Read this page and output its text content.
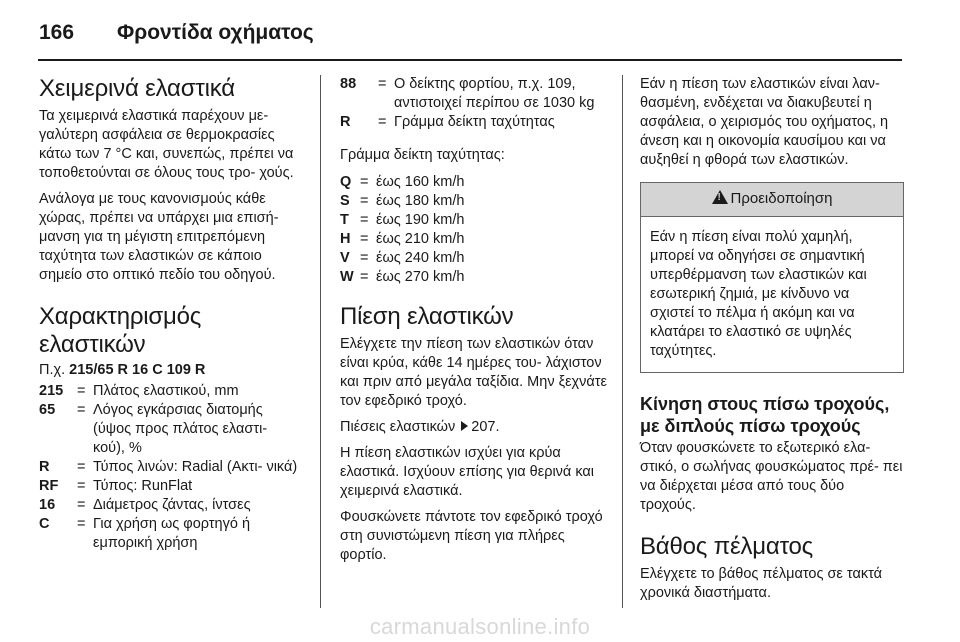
166 Φροντίδα οχήματος
Χειμερινά ελαστικά

Τα χειμερινά ελαστικά παρέχουν με- γαλύτερη ασφάλεια σε θερμοκρασίες κάτω των 7 °C και, συνεπώς, πρέπει να τοποθετούνται σε όλους τους τρο- χούς.

Ανάλογα με τους κανονισμούς κάθε χώρας, πρέπει να υπάρχει μια επισή- μανση για τη μέγιστη επιτρεπόμενη ταχύτητα των ελαστικών σε κάποιο σημείο στο οπτικό πεδίο του οδηγού.

Χαρακτηρισμός ελαστικών
Π.χ. 215/65 R 16 C 109 R
215 = Πλάτος ελαστικού, mm
65	= Λόγος εγκάρσιας διατομής (ύψος προς πλάτος ελαστι- κού), %
R	= Τύπος λινών: Radial (Ακτι- νικά)
RF	= Τύπος: RunFlat
16	= Διάμετρος ζάντας, ίντσες
C	= Για χρήση ως φορτηγό ή εμπορική χρήση
88	= Ο δείκτης φορτίου, π.χ. 109, αντιστοιχεί περίπου σε 1030 kg
R	= Γράμμα δείκτη ταχύτητας

Γράμμα δείκτη ταχύτητας:

Q = έως 160 km/h
S = έως 180 km/h
T = έως 190 km/h
H = έως 210 km/h
V = έως 240 km/h
W = έως 270 km/h
Πίεση ελαστικών

Ελέγχετε την πίεση των ελαστικών όταν είναι κρύα, κάθε 14 ημέρες του- λάχιστον και πριν από μεγάλα ταξίδια. Μην ξεχνάτε τον εφεδρικό τροχό.

Πιέσεις ελαστικών 207.

Η πίεση ελαστικών ισχύει για κρύα ελαστικά. Ισχύουν επίσης για θερινά και χειμερινά ελαστικά.

Φουσκώνετε πάντοτε τον εφεδρικό τροχό στη συνιστώμενη πίεση για πλήρες φορτίο.

Εάν η πίεση των ελαστικών είναι λαν- θασμένη, ενδέχεται να διακυβευτεί η ασφάλεια, ο χειρισμός του οχήματος, η άνεση και η οικονομία καυσίμου και να αυξηθεί η φθορά των ελαστικών.

!Προειδοποίηση
Εάν η πίεση είναι πολύ χαμηλή, μπορεί να οδηγήσει σε σημαντική υπερθέρμανση των ελαστικών και εσωτερική ζημιά, με κίνδυνο να σχιστεί το πέλμα ή ακόμη και να κλατάρει το ελαστικό σε υψηλές ταχύτητες.
Κίνηση στους πίσω τροχούς, με διπλούς πίσω τροχούς

Όταν φουσκώνετε το εξωτερικό ελα- στικό, ο σωλήνας φουσκώματος πρέ- πει να διέρχεται μέσα από τους δύο τροχούς.

Βάθος πέλματος

Ελέγχετε το βάθος πέλματος σε τακτά χρονικά διαστήματα.

carmanualsonline.info
